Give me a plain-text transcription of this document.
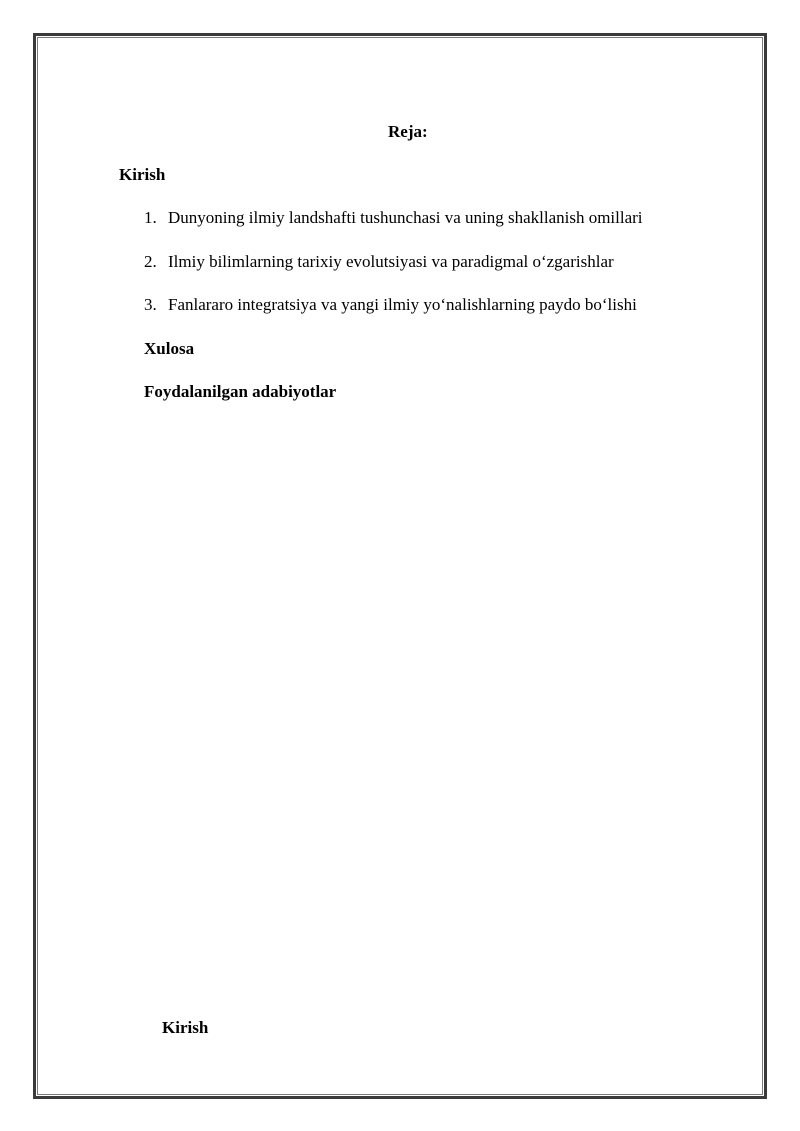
Reja:
Kirish
1. Dunyoning ilmiy landshafti tushunchasi va uning shakllanish omillari
2. Ilmiy bilimlarning tarixiy evolutsiyasi va paradigmal o‘zgarishlar
3. Fanlararo integratsiya va yangi ilmiy yo‘nalishlarning paydo bo‘lishi
Xulosa
Foydalanilgan adabiyotlar
Kirish
